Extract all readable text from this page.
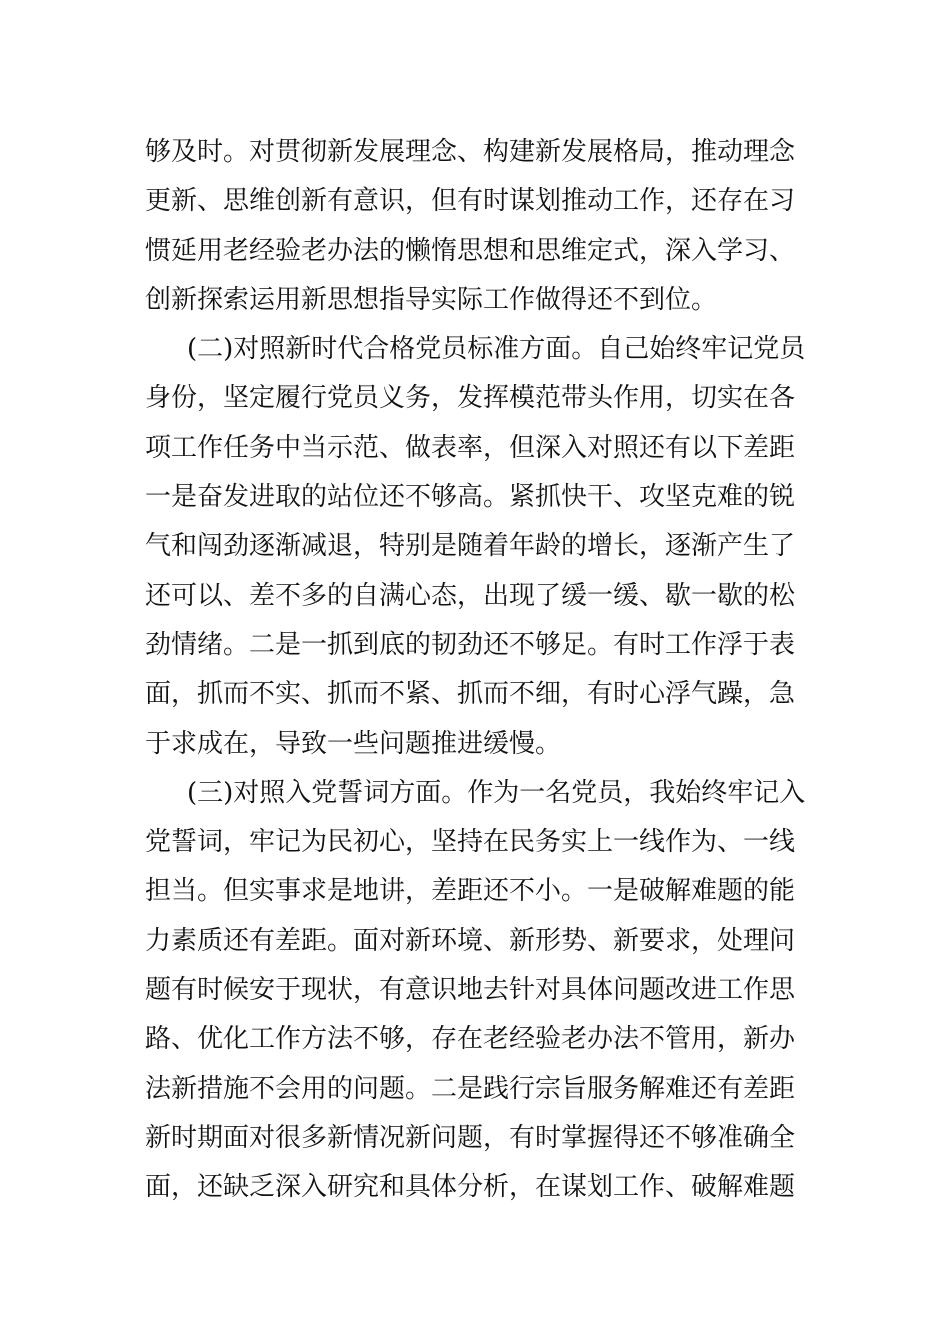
够及时。对贯彻新发展理念、构建新发展格局，推动理念
更新、思维创新有意识，但有时谋划推动工作，还存在习
惯延用老经验老办法的懒惰思想和思维定式，深入学习、
创新探索运用新思想指导实际工作做得还不到位。
(二)对照新时代合格党员标准方面。自己始终牢记党员
身份，坚定履行党员义务，发挥模范带头作用，切实在各
项工作任务中当示范、做表率，但深入对照还有以下差距
一是奋发进取的站位还不够高。紧抓快干、攻坚克难的锐
气和闯劲逐渐减退，特别是随着年龄的增长，逐渐产生了
还可以、差不多的自满心态，出现了缓一缓、歇一歇的松
劲情绪。二是一抓到底的韧劲还不够足。有时工作浮于表
面，抓而不实、抓而不紧、抓而不细，有时心浮气躁，急
于求成在，导致一些问题推进缓慢。
(三)对照入党誓词方面。作为一名党员，我始终牢记入
党誓词，牢记为民初心，坚持在民务实上一线作为、一线
担当。但实事求是地讲，差距还不小。一是破解难题的能
力素质还有差距。面对新环境、新形势、新要求，处理问
题有时候安于现状，有意识地去针对具体问题改进工作思
路、优化工作方法不够，存在老经验老办法不管用，新办
法新措施不会用的问题。二是践行宗旨服务解难还有差距
新时期面对很多新情况新问题，有时掌握得还不够准确全
面，还缺乏深入研究和具体分析，在谋划工作、破解难题
